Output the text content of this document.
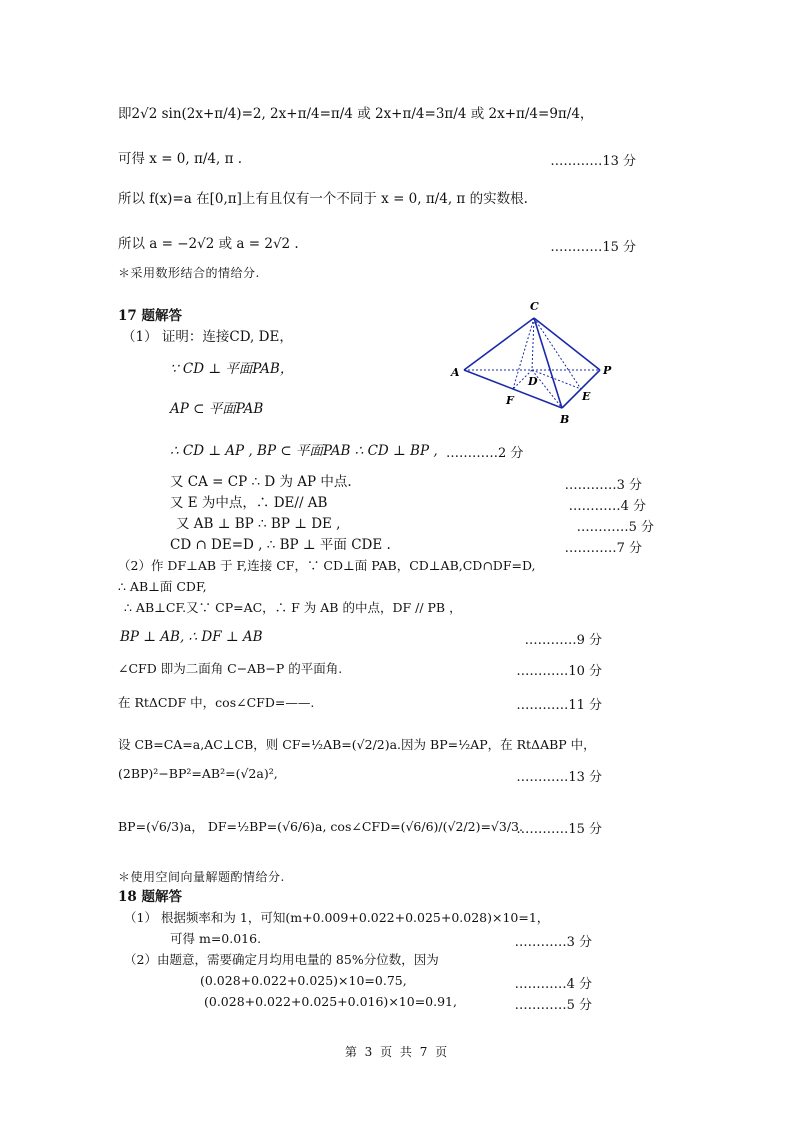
即2√2 sin(2x+π/4)=2, 2x+π/4=π/4 或 2x+π/4=3π/4 或 2x+π/4=9π/4，
可得 x = 0, π/4, π .	…………13 分
所以 f(x)=a 在[0,π]上有且仅有一个不同于 x = 0, π/4, π 的实数根.
所以 a = −2√2 或 a = 2√2 .	…………15 分
＊采用数形结合的情给分.
17 题解答
（1） 证明：连接CD, DE，
∵ CD ⊥ 平面PAB，
AP ⊂ 平面PAB
∴ CD ⊥ AP , BP ⊂ 平面PAB ∴ CD ⊥ BP , …………2 分
又 CA = CP ∴ D 为 AP 中点.	…………3 分
又 E 为中点，∴ DE// AB	…………4 分
又 AB ⊥ BP ∴ BP ⊥ DE ,	…………5 分
CD ∩ DE=D , ∴ BP ⊥ 平面 CDE .	…………7 分
（2）作 DF⊥AB 于 F,连接 CF，∵ CD⊥面 PAB，CD⊥AB,CD∩DF=D,
∴ AB⊥面 CDF,
∴ AB⊥CF.又∵ CP=AC，∴ F 为 AB 的中点，DF // PB ，
BP ⊥ AB, ∴ DF ⊥ AB	…………9 分
∠CFD 即为二面角 C−AB−P 的平面角.	…………10 分
在 RtΔCDF 中，cos∠CFD=——.	…………11 分
设 CB=CA=a,AC⊥CB，则 CF=½AB=(√2/2)a.因为 BP=½AP，在 RtΔABP 中，
(2BP)²−BP²=AB²=(√2a)²,	…………13 分
BP=(√6/3)a， DF=½BP=(√6/6)a, cos∠CFD=(√6/6)/(√2/2)=√3/3.
…………15 分
＊使用空间向量解题酌情给分.
18 题解答
（1） 根据频率和为 1，可知(m+0.009+0.022+0.025+0.028)×10=1，
可得 m=0.016.	…………3 分
（2）由题意，需要确定月均用电量的 85%分位数，因为
(0.028+0.022+0.025)×10=0.75,	…………4 分
(0.028+0.022+0.025+0.016)×10=0.91,	…………5 分
C
A	P
D
F	E
B
第 3 页 共 7 页
